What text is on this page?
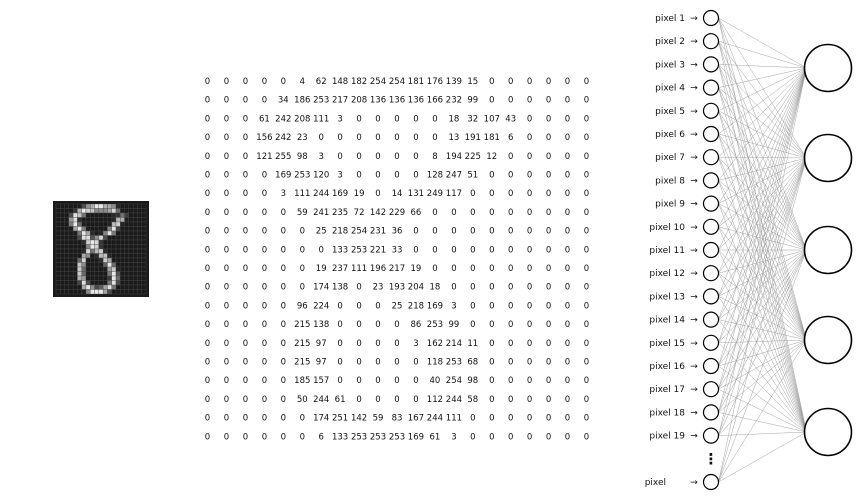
0 0 0 0 0 4 62 148 182 254 254 181 176 139 15 0 0 0 0 0 0
0 0 0 0 34 186 253 217 208 136 136 136 166 232 99 0 0 0 0 0 0
0 0 0 61 242 208 111 3 0 0 0 0 0 18 32 107 43 0 0 0 0
0 0 0 156 242 23 0 0 0 0 0 0 0 13 191 181 6 0 0 0 0
0 0 0 121 255 98 3 0 0 0 0 0 8 194 225 12 0 0 0 0 0
0 0 0 0 169 253 120 3 0 0 0 0 128 247 51 0 0 0 0 0 0
0 0 0 0 3 111 244 169 19 0 14 131 249 117 0 0 0 0 0 0 0
0 0 0 0 0 59 241 235 72 142 229 66 0 0 0 0 0 0 0 0 0
0 0 0 0 0 0 25 218 254 231 36 0 0 0 0 0 0 0 0 0 0
0 0 0 0 0 0 0 133 253 221 33 0 0 0 0 0 0 0 0 0 0
0 0 0 0 0 0 19 237 111 196 217 19 0 0 0 0 0 0 0 0 0
0 0 0 0 0 0 174 138 0 23 193 204 18 0 0 0 0 0 0 0 0
0 0 0 0 0 96 224 0 0 0 25 218 169 3 0 0 0 0 0 0 0
0 0 0 0 0 215 138 0 0 0 0 86 253 99 0 0 0 0 0 0 0
0 0 0 0 0 215 97 0 0 0 0 3 162 214 11 0 0 0 0 0 0
0 0 0 0 0 215 97 0 0 0 0 0 118 253 68 0 0 0 0 0 0
0 0 0 0 0 185 157 0 0 0 0 0 40 254 98 0 0 0 0 0 0
0 0 0 0 0 50 244 61 0 0 0 0 112 244 58 0 0 0 0 0 0
0 0 0 0 0 0 174 251 142 59 83 167 244 111 0 0 0 0 0 0 0
0 0 0 0 0 0 6 133 253 253 253 169 61 3 0 0 0 0 0 0 0
pixel 1 →
pixel 2 →
pixel 3 →
pixel 4 →
pixel 5 →
pixel 6 →
pixel 7 →
pixel 8 →
pixel 9 →
pixel 10 →
pixel 11 →
pixel 12 →
pixel 13 →
pixel 14 →
pixel 15 →
pixel 16 →
pixel 17 →
pixel 18 →
pixel 19 →
⋮
pixel	→
